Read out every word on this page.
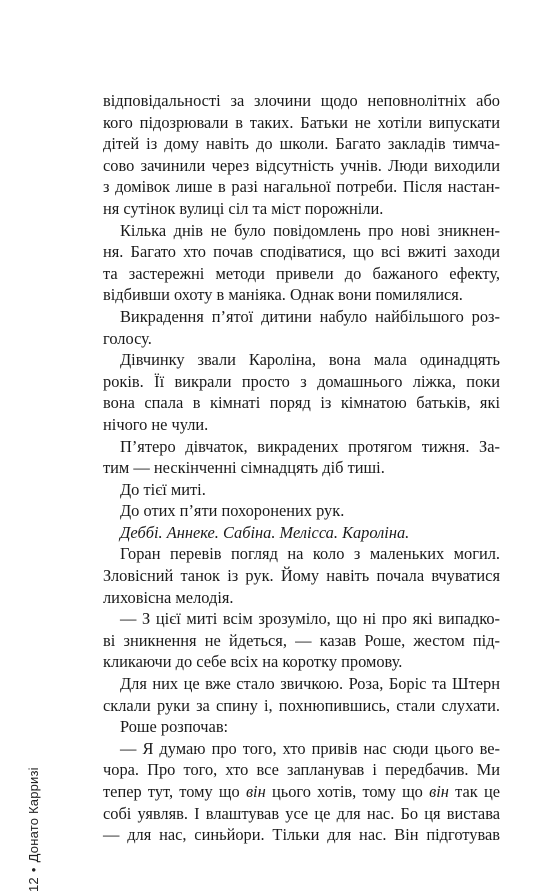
відповідальності за злочини щодо неповнолітніх або
кого підозрювали в таких. Батьки не хотіли випускати
дітей із дому навіть до школи. Багато закладів тимча-
сово зачинили через відсутність учнів. Люди виходили
з домівок лише в разі нагальної потреби. Після настан-
ня сутінок вулиці сіл та міст порожніли.
Кілька днів не було повідомлень про нові зникнен-
ня. Багато хто почав сподіватися, що всі вжиті заходи
та застережні методи привели до бажаного ефекту,
відбивши охоту в маніяка. Однак вони помилялися.
Викрадення п’ятої дитини набуло найбільшого роз-
голосу.
Дівчинку звали Кароліна, вона мала одинадцять
років. Її викрали просто з домашнього ліжка, поки
вона спала в кімнаті поряд із кімнатою батьків, які
нічого не чули.
П’ятеро дівчаток, викрадених протягом тижня. За-
тим — нескінченні сімнадцять діб тиші.
До тієї миті.
До отих п’яти похоронених рук.
Деббі. Аннеке. Сабіна. Мелісса. Кароліна.
Горан перевів погляд на коло з маленьких могил.
Зловісний танок із рук. Йому навіть почала вчуватися
лиховісна мелодія.
— З цієї миті всім зрозуміло, що ні про які випадко-
ві зникнення не йдеться, — казав Роше, жестом під-
кликаючи до себе всіх на коротку промову.
Для них це вже стало звичкою. Роза, Боріс та Штерн
склали руки за спину і, похнюпившись, стали слухати.
Роше розпочав:
— Я думаю про того, хто привів нас сюди цього ве-
чора. Про того, хто все запланував і передбачив. Ми
тепер тут, тому що він цього хотів, тому що він так це
собі уявляв. І влаштував усе це для нас. Бо ця вистава
— для нас, синьйори. Тільки для нас. Він підготував
12•Донато Карризі
